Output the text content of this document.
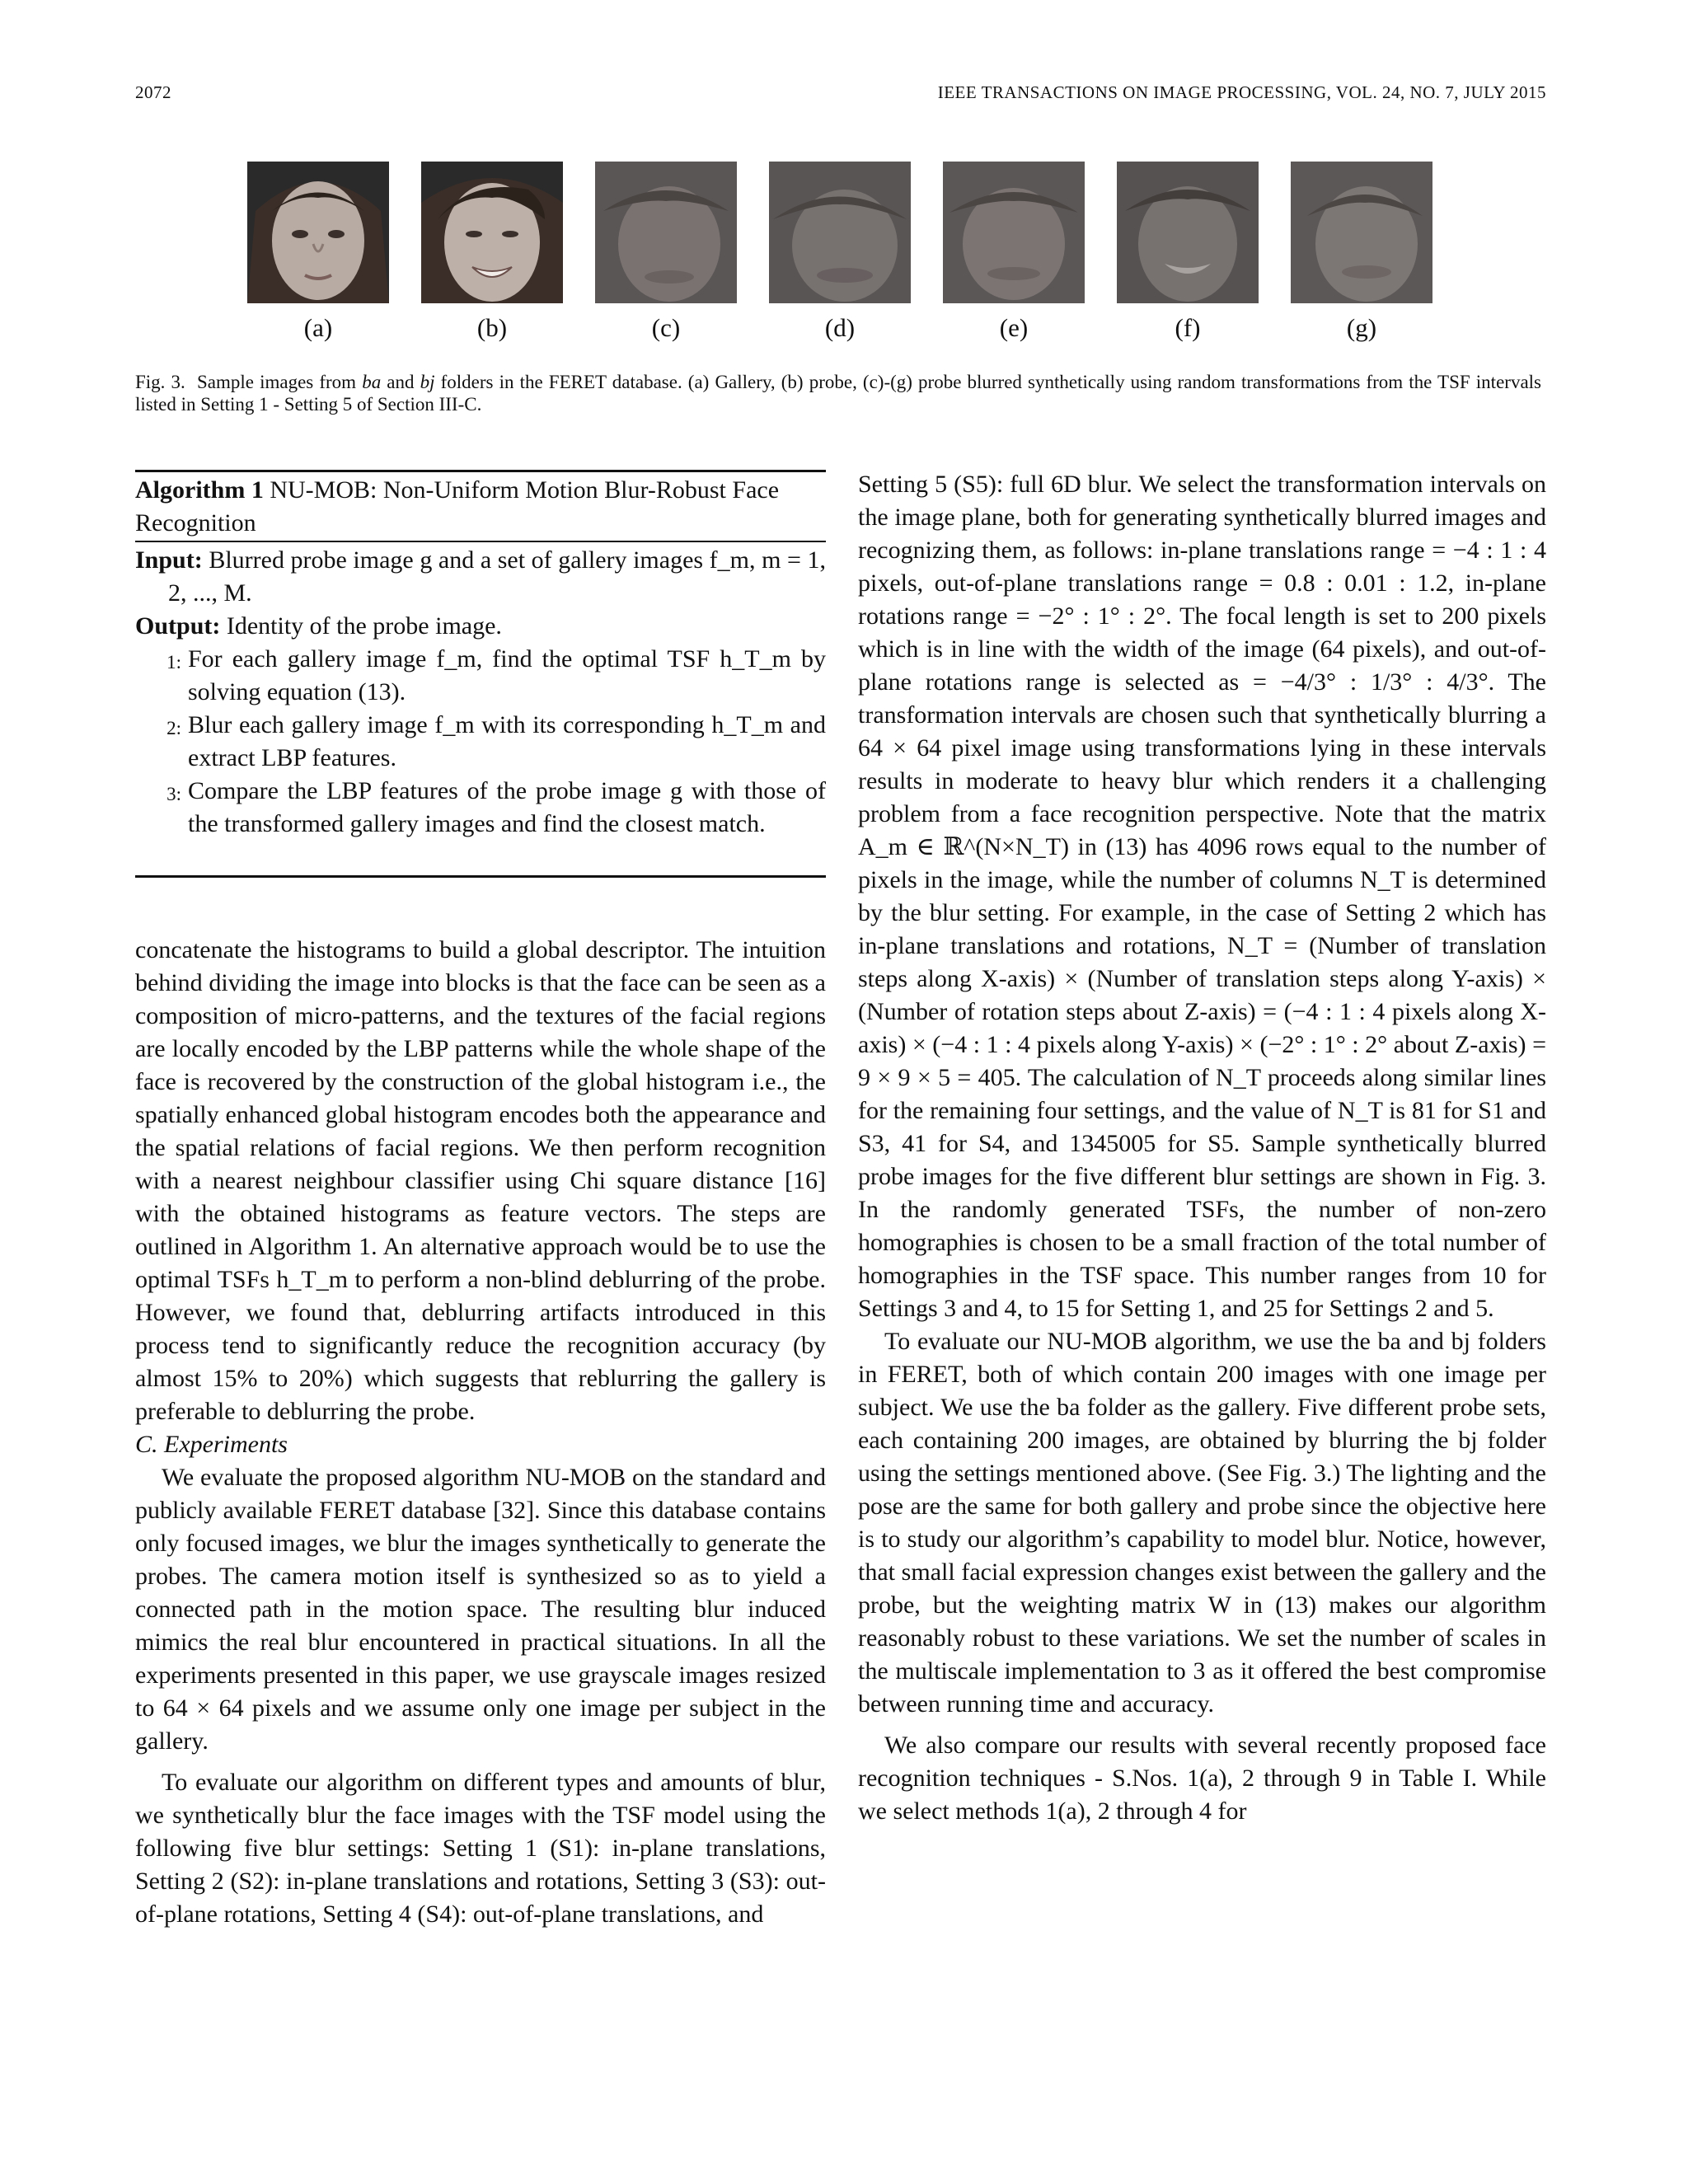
2072	IEEE TRANSACTIONS ON IMAGE PROCESSING, VOL. 24, NO. 7, JULY 2015
(a)	(b)	(c)	(d)	(e)	(f)	(g)
Fig. 3. Sample images from ba and bj folders in the FERET database. (a) Gallery, (b) probe, (c)-(g) probe blurred synthetically using random transformations from the TSF intervals listed in Setting 1 - Setting 5 of Section III-C.
Algorithm 1 NU-MOB: Non-Uniform Motion Blur-Robust Face Recognition
Input: Blurred probe image g and a set of gallery images f_m, m = 1, 2, ..., M.
Output: Identity of the probe image.
1: For each gallery image f_m, find the optimal TSF h_T_m by solving equation (13).
2: Blur each gallery image f_m with its corresponding h_T_m and extract LBP features.
3: Compare the LBP features of the probe image g with those of the transformed gallery images and find the closest match.

concatenate the histograms to build a global descriptor. The intuition behind dividing the image into blocks is that the face can be seen as a composition of micro-patterns, and the textures of the facial regions are locally encoded by the LBP patterns while the whole shape of the face is recovered by the construction of the global histogram i.e., the spatially enhanced global histogram encodes both the appearance and the spatial relations of facial regions. We then perform recognition with a nearest neighbour classifier using Chi square distance [16] with the obtained histograms as feature vectors. The steps are outlined in Algorithm 1. An alternative approach would be to use the optimal TSFs h_T_m to perform a non-blind deblurring of the probe. However, we found that, deblurring artifacts introduced in this process tend to significantly reduce the recognition accuracy (by almost 15% to 20%) which suggests that reblurring the gallery is preferable to deblurring the probe.

C. Experiments

We evaluate the proposed algorithm NU-MOB on the standard and publicly available FERET database [32]. Since this database contains only focused images, we blur the images synthetically to generate the probes. The camera motion itself is synthesized so as to yield a connected path in the motion space. The resulting blur induced mimics the real blur encountered in practical situations. In all the experiments presented in this paper, we use grayscale images resized to 64 × 64 pixels and we assume only one image per subject in the gallery.

To evaluate our algorithm on different types and amounts of blur, we synthetically blur the face images with the TSF model using the following five blur settings: Setting 1 (S1): in-plane translations, Setting 2 (S2): in-plane translations and rotations, Setting 3 (S3): out-of-plane rotations, Setting 4 (S4): out-of-plane translations, and

Setting 5 (S5): full 6D blur. We select the transformation intervals on the image plane, both for generating synthetically blurred images and recognizing them, as follows: in-plane translations range = −4 : 1 : 4 pixels, out-of-plane translations range = 0.8 : 0.01 : 1.2, in-plane rotations range = −2° : 1° : 2°. The focal length is set to 200 pixels which is in line with the width of the image (64 pixels), and out-of-plane rotations range is selected as = −4/3° : 1/3° : 4/3°. The transformation intervals are chosen such that synthetically blurring a 64 × 64 pixel image using transformations lying in these intervals results in moderate to heavy blur which renders it a challenging problem from a face recognition perspective. Note that the matrix A_m ∈ ℝ^(N×N_T) in (13) has 4096 rows equal to the number of pixels in the image, while the number of columns N_T is determined by the blur setting. For example, in the case of Setting 2 which has in-plane translations and rotations, N_T = (Number of translation steps along X-axis) × (Number of translation steps along Y-axis) × (Number of rotation steps about Z-axis) = (−4 : 1 : 4 pixels along X-axis) × (−4 : 1 : 4 pixels along Y-axis) × (−2° : 1° : 2° about Z-axis) = 9 × 9 × 5 = 405. The calculation of N_T proceeds along similar lines for the remaining four settings, and the value of N_T is 81 for S1 and S3, 41 for S4, and 1345005 for S5. Sample synthetically blurred probe images for the five different blur settings are shown in Fig. 3. In the randomly generated TSFs, the number of non-zero homographies is chosen to be a small fraction of the total number of homographies in the TSF space. This number ranges from 10 for Settings 3 and 4, to 15 for Setting 1, and 25 for Settings 2 and 5.

To evaluate our NU-MOB algorithm, we use the ba and bj folders in FERET, both of which contain 200 images with one image per subject. We use the ba folder as the gallery. Five different probe sets, each containing 200 images, are obtained by blurring the bj folder using the settings mentioned above. (See Fig. 3.) The lighting and the pose are the same for both gallery and probe since the objective here is to study our algorithm’s capability to model blur. Notice, however, that small facial expression changes exist between the gallery and the probe, but the weighting matrix W in (13) makes our algorithm reasonably robust to these variations. We set the number of scales in the multiscale implementation to 3 as it offered the best compromise between running time and accuracy.

We also compare our results with several recently proposed face recognition techniques - S.Nos. 1(a), 2 through 9 in Table I. While we select methods 1(a), 2 through 4 for
